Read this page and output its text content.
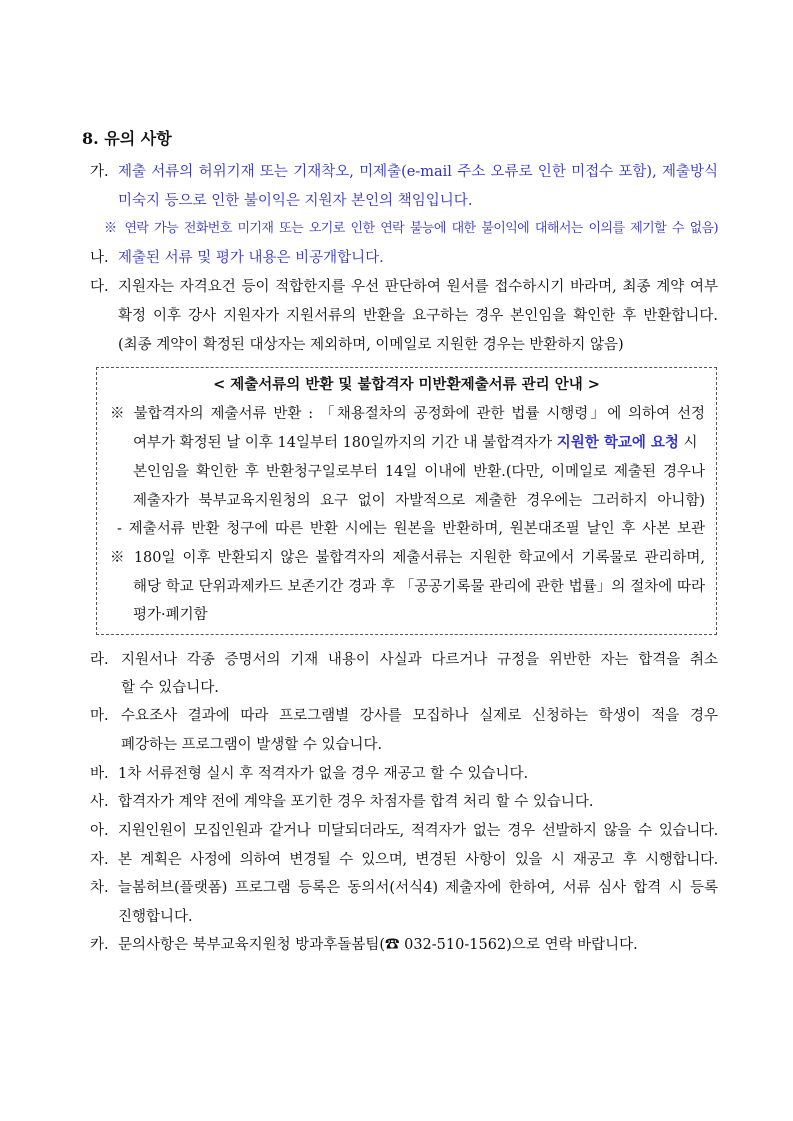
8. 유의 사항
가. 제출 서류의 허위기재 또는 기재착오, 미제출(e-mail 주소 오류로 인한 미접수 포함), 제출방식
미숙지 등으로 인한 불이익은 지원자 본인의 책임입니다.
※ 연락 가능 전화번호 미기재 또는 오기로 인한 연락 불능에 대한 불이익에 대해서는 이의를 제기할 수 없음)
나. 제출된 서류 및 평가 내용은 비공개합니다.
다. 지원자는 자격요건 등이 적합한지를 우선 판단하여 원서를 접수하시기 바라며, 최종 계약 여부
확정 이후 강사 지원자가 지원서류의 반환을 요구하는 경우 본인임을 확인한 후 반환합니다.
(최종 계약이 확정된 대상자는 제외하며, 이메일로 지원한 경우는 반환하지 않음)
< 제출서류의 반환 및 불합격자 미반환제출서류 관리 안내 >
※ 불합격자의 제출서류 반환 : 「채용절차의 공정화에 관한 법률 시행령」에 의하여 선정
여부가 확정된 날 이후 14일부터 180일까지의 기간 내 불합격자가 지원한 학교에 요청 시
본인임을 확인한 후 반환청구일로부터 14일 이내에 반환.(다만, 이메일로 제출된 경우나
제출자가 북부교육지원청의 요구 없이 자발적으로 제출한 경우에는 그러하지 아니함)
- 제출서류 반환 청구에 따른 반환 시에는 원본을 반환하며, 원본대조필 날인 후 사본 보관
※ 180일 이후 반환되지 않은 불합격자의 제출서류는 지원한 학교에서 기록물로 관리하며,
해당 학교 단위과제카드 보존기간 경과 후 「공공기록물 관리에 관한 법률」의 절차에 따라
평가·폐기함
라. 지원서나 각종 증명서의 기재 내용이 사실과 다르거나 규정을 위반한 자는 합격을 취소
할 수 있습니다.
마. 수요조사 결과에 따라 프로그램별 강사를 모집하나 실제로 신청하는 학생이 적을 경우
폐강하는 프로그램이 발생할 수 있습니다.
바. 1차 서류전형 실시 후 적격자가 없을 경우 재공고 할 수 있습니다.
사. 합격자가 계약 전에 계약을 포기한 경우 차점자를 합격 처리 할 수 있습니다.
아. 지원인원이 모집인원과 같거나 미달되더라도, 적격자가 없는 경우 선발하지 않을 수 있습니다.
자. 본 계획은 사정에 의하여 변경될 수 있으며, 변경된 사항이 있을 시 재공고 후 시행합니다.
차. 늘봄허브(플랫폼) 프로그램 등록은 동의서(서식4) 제출자에 한하여, 서류 심사 합격 시 등록
진행합니다.
카. 문의사항은 북부교육지원청 방과후돌봄팀(☎ 032-510-1562)으로 연락 바랍니다.
